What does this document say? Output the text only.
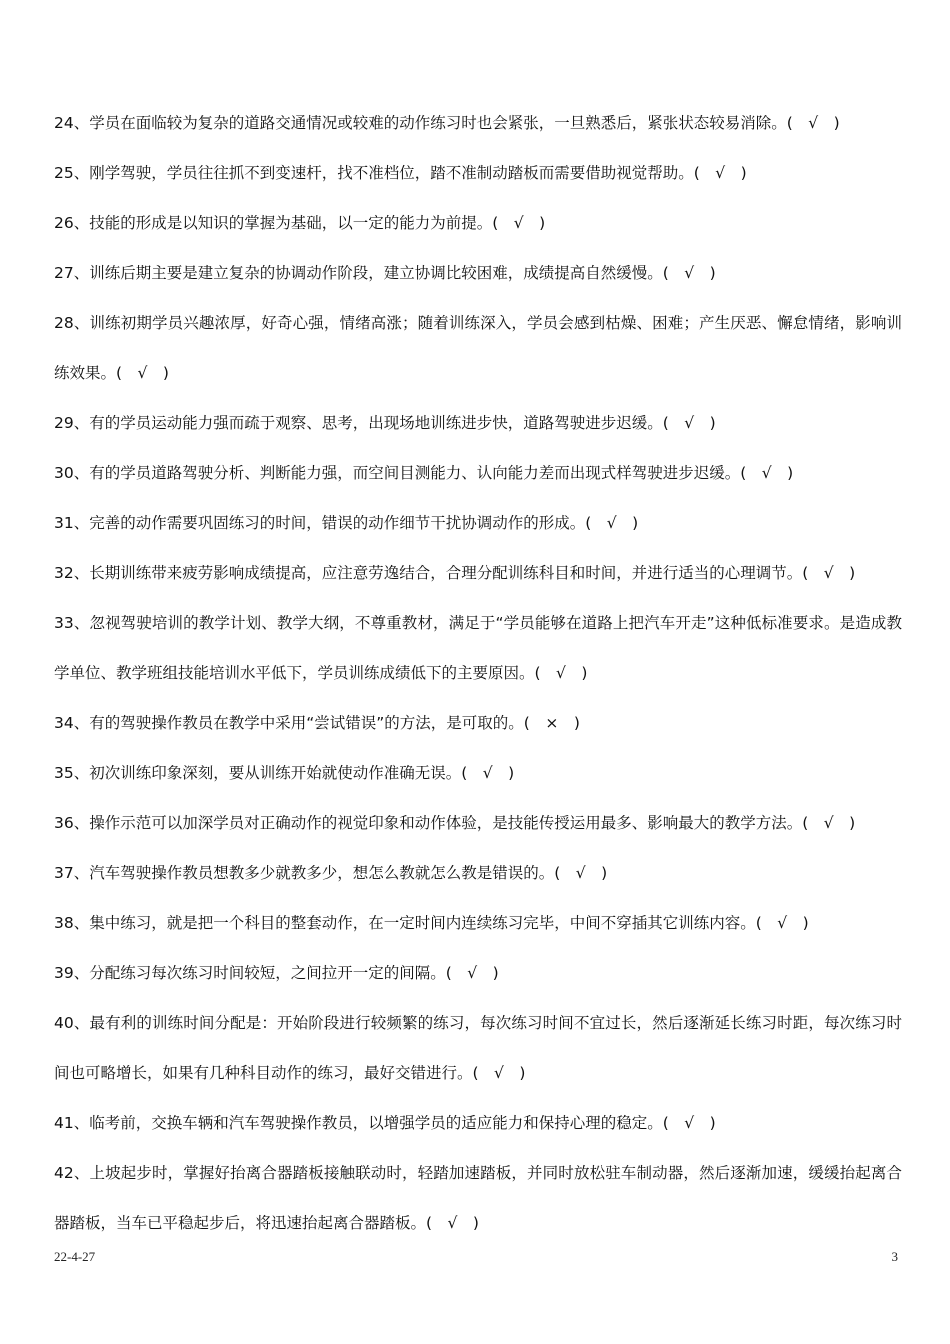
24、学员在面临较为复杂的道路交通情况或较难的动作练习时也会紧张，一旦熟悉后，紧张状态较易消除。(　√　)

25、刚学驾驶，学员往往抓不到变速杆，找不准档位，踏不准制动踏板而需要借助视觉帮助。(　√　)

26、技能的形成是以知识的掌握为基础，以一定的能力为前提。(　√　)

27、训练后期主要是建立复杂的协调动作阶段，建立协调比较困难，成绩提高自然缓慢。(　√　)

28、训练初期学员兴趣浓厚，好奇心强，情绪高涨；随着训练深入，学员会感到枯燥、困难；产生厌恶、懈怠情绪，影响训练效果。(　√　)

29、有的学员运动能力强而疏于观察、思考，出现场地训练进步快，道路驾驶进步迟缓。(　√　)

30、有的学员道路驾驶分析、判断能力强，而空间目测能力、认向能力差而出现式样驾驶进步迟缓。(　√　)

31、完善的动作需要巩固练习的时间，错误的动作细节干扰协调动作的形成。(　√　)

32、长期训练带来疲劳影响成绩提高，应注意劳逸结合，合理分配训练科目和时间，并进行适当的心理调节。(　√　)

33、忽视驾驶培训的教学计划、教学大纲，不尊重教材，满足于“学员能够在道路上把汽车开走”这种低标准要求。是造成教学单位、教学班组技能培训水平低下，学员训练成绩低下的主要原因。(　√　)

34、有的驾驶操作教员在教学中采用“尝试错误”的方法，是可取的。(　×　)

35、初次训练印象深刻，要从训练开始就使动作准确无误。(　√　)

36、操作示范可以加深学员对正确动作的视觉印象和动作体验，是技能传授运用最多、影响最大的教学方法。(　√　)

37、汽车驾驶操作教员想教多少就教多少，想怎么教就怎么教是错误的。(　√　)

38、集中练习，就是把一个科目的整套动作，在一定时间内连续练习完毕，中间不穿插其它训练内容。(　√　)

39、分配练习每次练习时间较短，之间拉开一定的间隔。(　√　)

40、最有利的训练时间分配是：开始阶段进行较频繁的练习，每次练习时间不宜过长，然后逐渐延长练习时距，每次练习时间也可略增长，如果有几种科目动作的练习，最好交错进行。(　√　)

41、临考前，交换车辆和汽车驾驶操作教员，以增强学员的适应能力和保持心理的稳定。(　√　)

42、上坡起步时，掌握好抬离合器踏板接触联动时，轻踏加速踏板，并同时放松驻车制动器，然后逐渐加速，缓缓抬起离合器踏板，当车已平稳起步后，将迅速抬起离合器踏板。(　√　)

22-4-27	3
